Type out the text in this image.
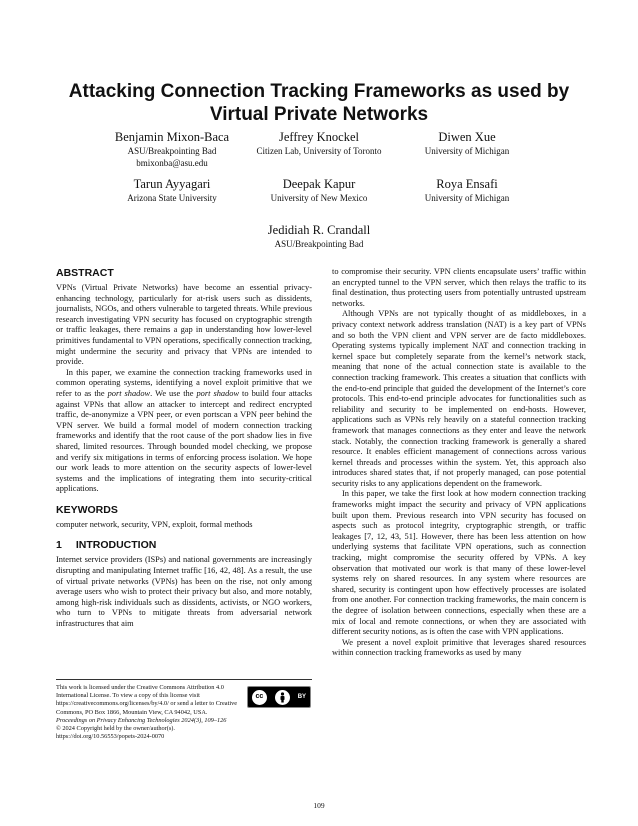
Attacking Connection Tracking Frameworks as used by Virtual Private Networks
Benjamin Mixon-Baca
ASU/Breakpointing Bad
bmixonba@asu.edu
Jeffrey Knockel
Citizen Lab, University of Toronto
Diwen Xue
University of Michigan
Tarun Ayyagari
Arizona State University
Deepak Kapur
University of New Mexico
Roya Ensafi
University of Michigan
Jedidiah R. Crandall
ASU/Breakpointing Bad
ABSTRACT

VPNs (Virtual Private Networks) have become an essential privacy-enhancing technology, particularly for at-risk users such as dissidents, journalists, NGOs, and others vulnerable to targeted threats. While previous research investigating VPN security has focused on cryptographic strength or traffic leakages, there remains a gap in understanding how lower-level primitives fundamental to VPN operations, specifically connection tracking, might undermine the security and privacy that VPNs are intended to provide.

In this paper, we examine the connection tracking frameworks used in common operating systems, identifying a novel exploit primitive that we refer to as the port shadow. We use the port shadow to build four attacks against VPNs that allow an attacker to intercept and redirect encrypted traffic, de-anonymize a VPN peer, or even portscan a VPN peer behind the VPN server. We build a formal model of modern connection tracking frameworks and identify that the root cause of the port shadow lies in five shared, limited resources. Through bounded model checking, we propose and verify six mitigations in terms of enforcing process isolation. We hope our work leads to more attention on the security aspects of lower-level systems and the implications of integrating them into security-critical applications.

KEYWORDS

computer network, security, VPN, exploit, formal methods

1 INTRODUCTION

Internet service providers (ISPs) and national governments are increasingly disrupting and manipulating Internet traffic [16, 42, 48]. As a result, the use of virtual private networks (VPNs) has been on the rise, not only among average users who wish to protect their privacy but also, and more notably, among high-risk individuals such as dissidents, activists, or NGO workers, who turn to VPNs to mitigate threats from adversarial network infrastructures that aim

This work is licensed under the Creative Commons Attribution 4.0 International License. To view a copy of this license visit https://creativecommons.org/licenses/by/4.0/ or send a letter to Creative Commons, PO Box 1866, Mountain View, CA 94042, USA.
cc	BY
Proceedings on Privacy Enhancing Technologies 2024(3), 109–126
© 2024 Copyright held by the owner/author(s).
https://doi.org/10.56553/popets-2024-0070

to compromise their security. VPN clients encapsulate users’ traffic within an encrypted tunnel to the VPN server, which then relays the traffic to its final destination, thus protecting users from potentially untrusted upstream networks.

Although VPNs are not typically thought of as middleboxes, in a privacy context network address translation (NAT) is a key part of VPNs and so both the VPN client and VPN server are de facto middleboxes. Operating systems typically implement NAT and connection tracking in kernel space but completely separate from the kernel’s network stack, meaning that none of the actual connection state is available to the connection tracking framework. This creates a situation that conflicts with the end-to-end principle that guided the development of the Internet’s core protocols. This end-to-end principle advocates for functionalities such as reliability and security to be implemented on end-hosts. However, applications such as VPNs rely heavily on a stateful connection tracking framework that manages connections as they enter and leave the network stack. Notably, the connection tracking framework is generally a shared resource. It enables efficient management of connections across various kernel threads and processes within the system. Yet, this approach also introduces shared states that, if not properly managed, can pose potential security risks to any applications dependent on the framework.

In this paper, we take the first look at how modern connection tracking frameworks might impact the security and privacy of VPN applications built upon them. Previous research into VPN security has focused on aspects such as protocol integrity, cryptographic strength, or traffic leakages [7, 12, 43, 51]. However, there has been less attention on how underlying systems that facilitate VPN operations, such as connection tracking, might compromise the security offered by VPNs. A key observation that motivated our work is that many of these lower-level systems rely on shared resources. In any system where resources are shared, security is contingent upon how effectively processes are isolated from one another. For connection tracking frameworks, the main concern is the degree of isolation between connections, especially when these are a mix of local and remote connections, or when they are associated with different security notions, as is often the case with VPN applications.

We present a novel exploit primitive that leverages shared resources within connection tracking frameworks as used by many

109
